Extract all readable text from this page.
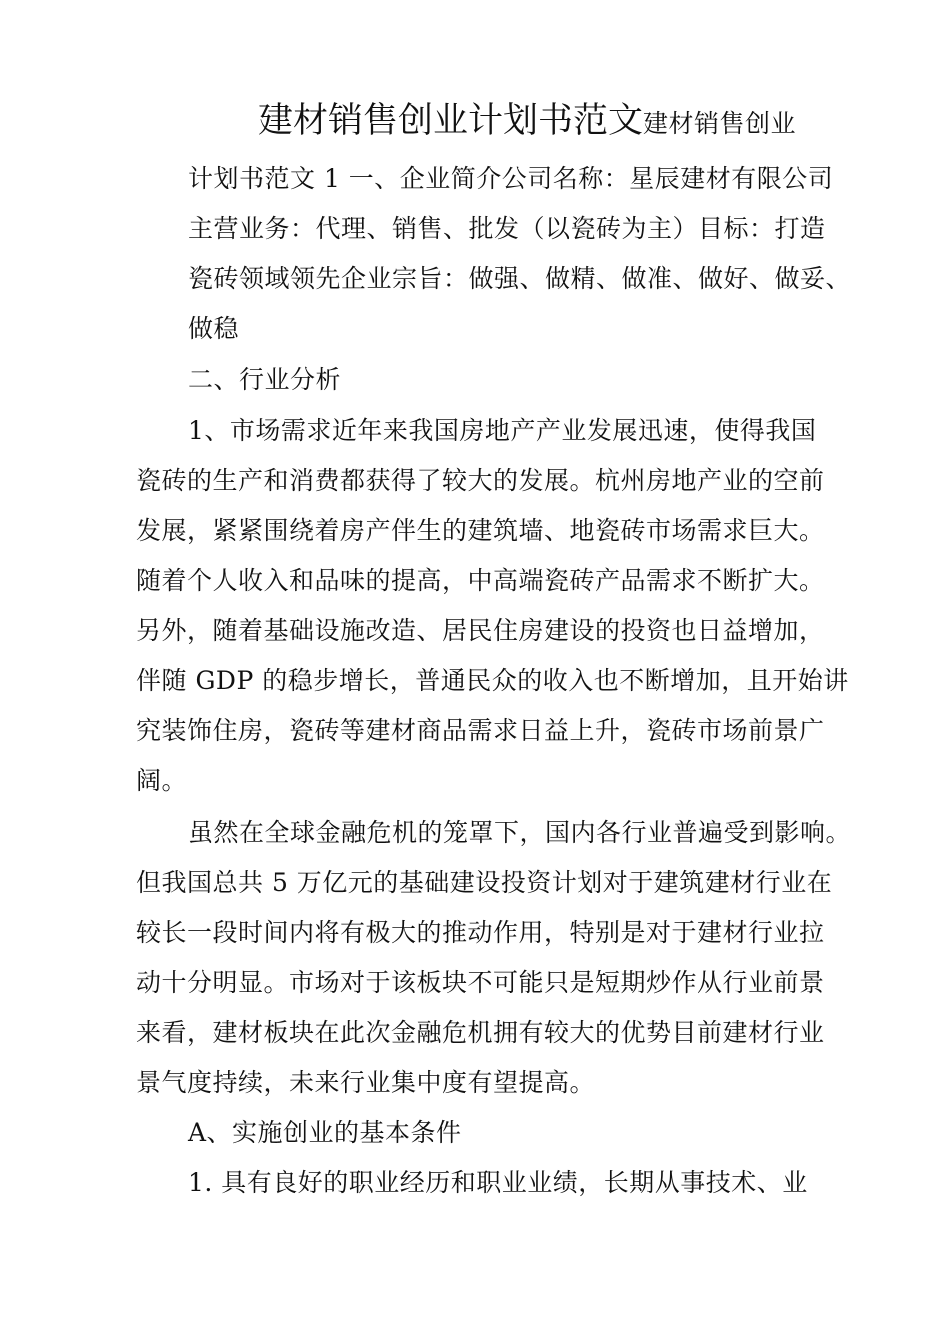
建材销售创业计划书范文建材销售创业
计划书范文 1 一、企业简介公司名称：星辰建材有限公司
主营业务：代理、销售、批发（以瓷砖为主）目标：打造
瓷砖领域领先企业宗旨：做强、做精、做准、做好、做妥、
做稳
二、行业分析
1、市场需求近年来我国房地产产业发展迅速，使得我国
瓷砖的生产和消费都获得了较大的发展。杭州房地产业的空前
发展，紧紧围绕着房产伴生的建筑墙、地瓷砖市场需求巨大。
随着个人收入和品味的提高，中高端瓷砖产品需求不断扩大。
另外，随着基础设施改造、居民住房建设的投资也日益增加，
伴随 GDP 的稳步增长，普通民众的收入也不断增加，且开始讲
究装饰住房，瓷砖等建材商品需求日益上升，瓷砖市场前景广
阔。
虽然在全球金融危机的笼罩下，国内各行业普遍受到影响。
但我国总共 5 万亿元的基础建设投资计划对于建筑建材行业在
较长一段时间内将有极大的推动作用，特别是对于建材行业拉
动十分明显。市场对于该板块不可能只是短期炒作从行业前景
来看，建材板块在此次金融危机拥有较大的优势目前建材行业
景气度持续，未来行业集中度有望提高。
A、实施创业的基本条件
1. 具有良好的职业经历和职业业绩，长期从事技术、业
